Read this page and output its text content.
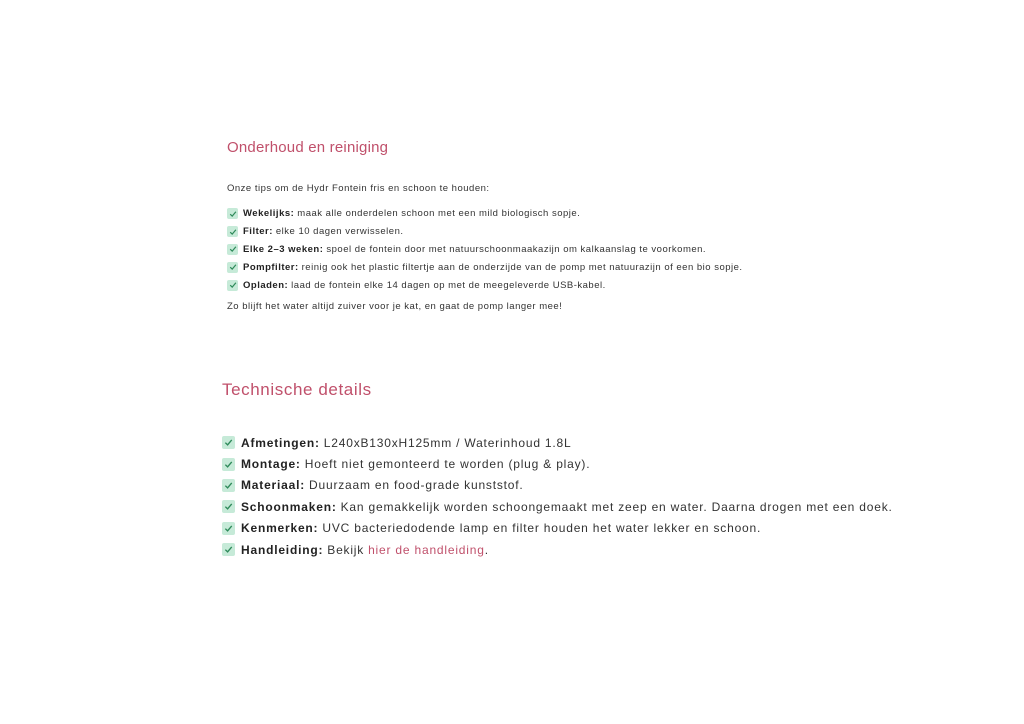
Onderhoud en reiniging
Onze tips om de Hydr Fontein fris en schoon te houden:
Wekelijks: maak alle onderdelen schoon met een mild biologisch sopje.
Filter: elke 10 dagen verwisselen.
Elke 2–3 weken: spoel de fontein door met natuurschoonmaakazijn om kalkaanslag te voorkomen.
Pompfilter: reinig ook het plastic filtertje aan de onderzijde van de pomp met natuurazijn of een bio sopje.
Opladen: laad de fontein elke 14 dagen op met de meegeleverde USB-kabel.
Zo blijft het water altijd zuiver voor je kat, en gaat de pomp langer mee!
Technische details
Afmetingen: L240xB130xH125mm / Waterinhoud 1.8L
Montage: Hoeft niet gemonteerd te worden (plug & play).
Materiaal: Duurzaam en food-grade kunststof.
Schoonmaken: Kan gemakkelijk worden schoongemaakt met zeep en water. Daarna drogen met een doek.
Kenmerken: UVC bacteriedodende lamp en filter houden het water lekker en schoon.
Handleiding: Bekijk hier de handleiding .
